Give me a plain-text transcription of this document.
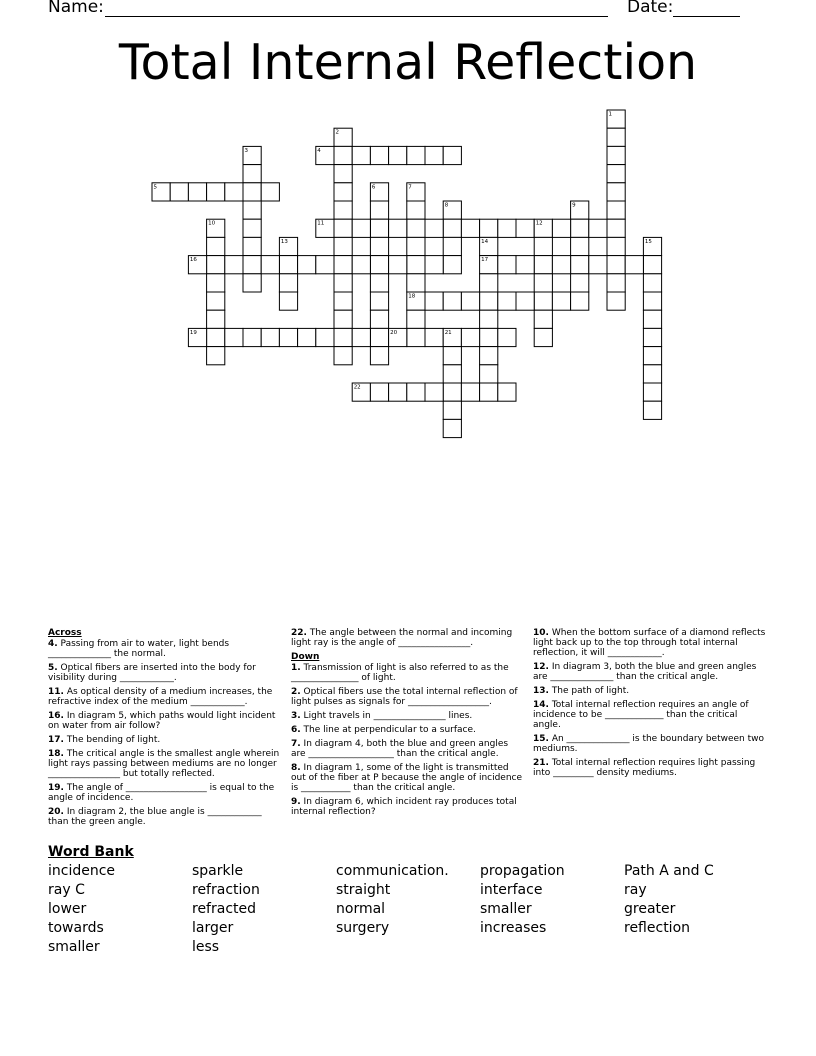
Name:	Date:
Total Internal Reflection
1
2
3	4
5	6	7
8	9
10	11	12
13	14	15
16	17
18
19	20	21
22
Across
4. Passing from air to water, light bends ______________ the normal.
5. Optical fibers are inserted into the body for visibility during ____________.
11. As optical density of a medium increases, the refractive index of the medium ____________.
16. In diagram 5, which paths would light incident on water from air follow?
17. The bending of light.
18. The critical angle is the smallest angle wherein light rays passing between mediums are no longer ________________ but totally reflected.
19. The angle of __________________ is equal to the angle of incidence.
20. In diagram 2, the blue angle is ____________ than the green angle.
22. The angle between the normal and incoming light ray is the angle of ________________.
Down
1. Transmission of light is also referred to as the _______________ of light.
2. Optical fibers use the total internal reflection of light pulses as signals for __________________.
3. Light travels in ________________ lines.
6. The line at perpendicular to a surface.
7. In diagram 4, both the blue and green angles are ___________________ than the critical angle.
8. In diagram 1, some of the light is transmitted out of the fiber at P because the angle of incidence is ___________ than the critical angle.
9. In diagram 6, which incident ray produces total internal reflection?
10. When the bottom surface of a diamond reflects light back up to the top through total internal reflection, it will ____________.
12. In diagram 3, both the blue and green angles are ______________ than the critical angle.
13. The path of light.
14. Total internal reflection requires an angle of incidence to be _____________ than the critical angle.
15. An ______________ is the boundary between two mediums.
21. Total internal reflection requires light passing into _________ density mediums.
Word Bank
incidence	sparkle	communication.	propagation	Path A and C
ray C	refraction	straight	interface	ray
lower	refracted	normal	smaller	greater
towards	larger	surgery	increases	reflection
smaller	less
